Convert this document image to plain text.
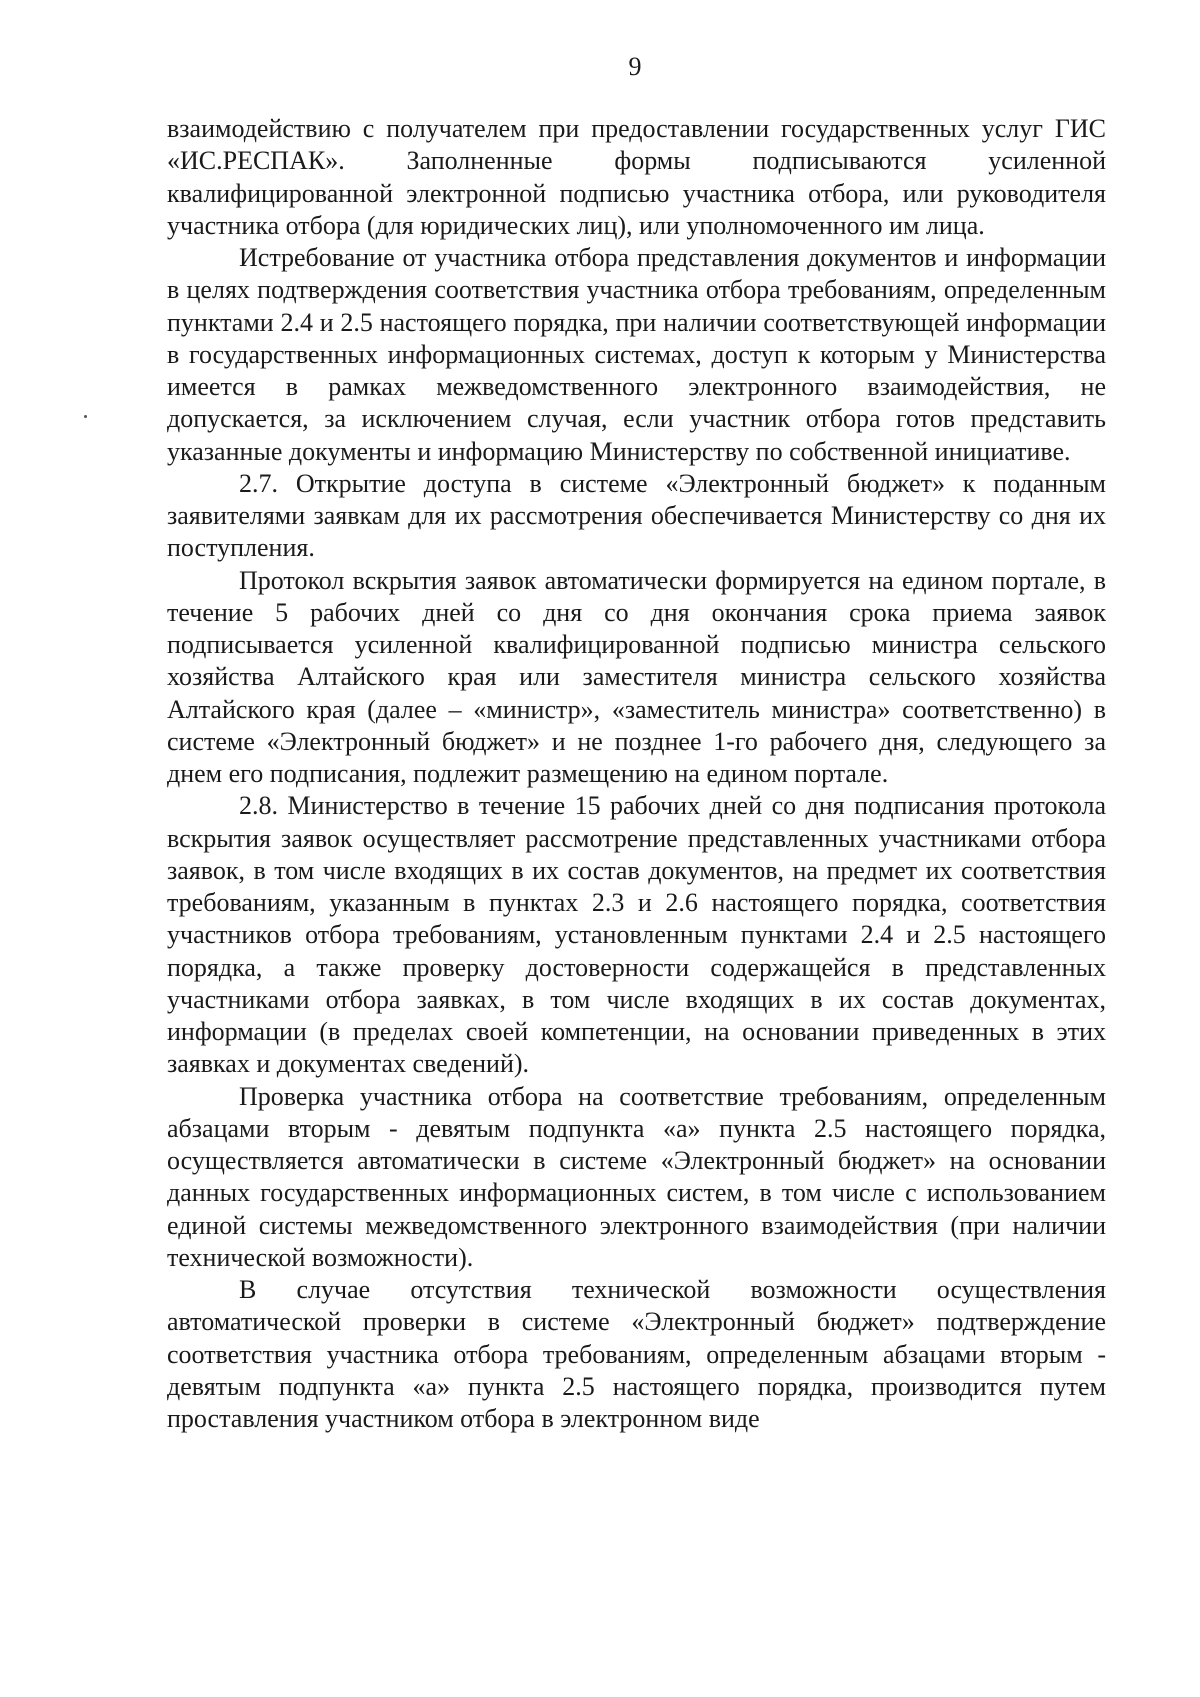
9

взаимодействию с получателем при предоставлении государственных услуг ГИС «ИС.РЕСПАК». Заполненные формы подписываются усиленной квалифицированной электронной подписью участника отбора, или руководителя участника отбора (для юридических лиц), или уполномоченного им лица.

Истребование от участника отбора представления документов и информации в целях подтверждения соответствия участника отбора требованиям, определенным пунктами 2.4 и 2.5 настоящего порядка, при наличии соответствующей информации в государственных информационных системах, доступ к которым у Министерства имеется в рамках межведомственного электронного взаимодействия, не допускается, за исключением случая, если участник отбора готов представить указанные документы и информацию Министерству по собственной инициативе.

2.7. Открытие доступа в системе «Электронный бюджет» к поданным заявителями заявкам для их рассмотрения обеспечивается Министерству со дня их поступления.

Протокол вскрытия заявок автоматически формируется на едином портале, в течение 5 рабочих дней со дня со дня окончания срока приема заявок подписывается усиленной квалифицированной подписью министра сельского хозяйства Алтайского края или заместителя министра сельского хозяйства Алтайского края (далее – «министр», «заместитель министра» соответственно) в системе «Электронный бюджет» и не позднее 1-го рабочего дня, следующего за днем его подписания, подлежит размещению на едином портале.

2.8. Министерство в течение 15 рабочих дней со дня подписания протокола вскрытия заявок осуществляет рассмотрение представленных участниками отбора заявок, в том числе входящих в их состав документов, на предмет их соответствия требованиям, указанным в пунктах 2.3 и 2.6 настоящего порядка, соответствия участников отбора требованиям, установленным пунктами 2.4 и 2.5 настоящего порядка, а также проверку достоверности содержащейся в представленных участниками отбора заявках, в том числе входящих в их состав документах, информации (в пределах своей компетенции, на основании приведенных в этих заявках и документах сведений).

Проверка участника отбора на соответствие требованиям, определенным абзацами вторым - девятым подпункта «а» пункта 2.5 настоящего порядка, осуществляется автоматически в системе «Электронный бюджет» на основании данных государственных информационных систем, в том числе с использованием единой системы межведомственного электронного взаимодействия (при наличии технической возможности).

В случае отсутствия технической возможности осуществления автоматической проверки в системе «Электронный бюджет» подтверждение соответствия участника отбора требованиям, определенным абзацами вторым - девятым подпункта «а» пункта 2.5 настоящего порядка, производится путем проставления участником отбора в электронном виде
